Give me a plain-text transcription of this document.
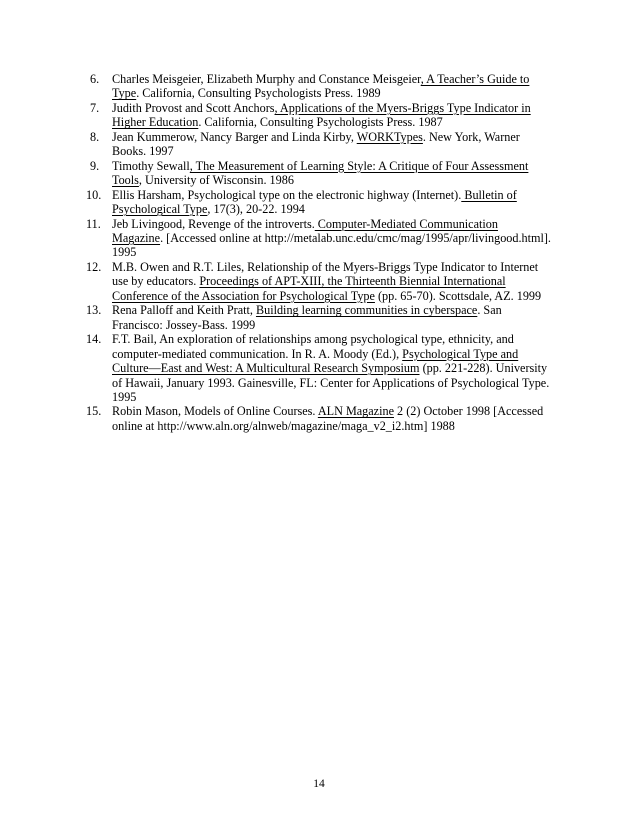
6.	Charles Meisgeier, Elizabeth Murphy and Constance Meisgeier, A Teacher’s Guide to Type. California, Consulting Psychologists Press. 1989
7.	Judith Provost and Scott Anchors, Applications of the Myers-Briggs Type Indicator in Higher Education. California, Consulting Psychologists Press. 1987
8.	Jean Kummerow, Nancy Barger and Linda Kirby, WORKTypes. New York, Warner Books. 1997
9.	Timothy Sewall, The Measurement of Learning Style: A Critique of Four Assessment Tools, University of Wisconsin. 1986
10. Ellis Harsham, Psychological type on the electronic highway (Internet). Bulletin of Psychological Type, 17(3), 20-22. 1994
11. Jeb Livingood, Revenge of the introverts. Computer-Mediated Communication Magazine. [Accessed online at http://metalab.unc.edu/cmc/mag/1995/apr/livingood.html]. 1995
12. M.B. Owen and R.T. Liles, Relationship of the Myers-Briggs Type Indicator to Internet use by educators. Proceedings of APT-XIII, the Thirteenth Biennial International Conference of the Association for Psychological Type (pp. 65-70). Scottsdale, AZ. 1999
13. Rena Palloff and Keith Pratt, Building learning communities in cyberspace. San Francisco: Jossey-Bass. 1999
14. F.T. Bail, An exploration of relationships among psychological type, ethnicity, and computer-mediated communication. In R. A. Moody (Ed.), Psychological Type and Culture—East and West: A Multicultural Research Symposium (pp. 221-228). University of Hawaii, January 1993. Gainesville, FL: Center for Applications of Psychological Type. 1995
15. Robin Mason, Models of Online Courses. ALN Magazine 2 (2) October 1998 [Accessed online at http://www.aln.org/alnweb/magazine/maga_v2_i2.htm] 1988
14
